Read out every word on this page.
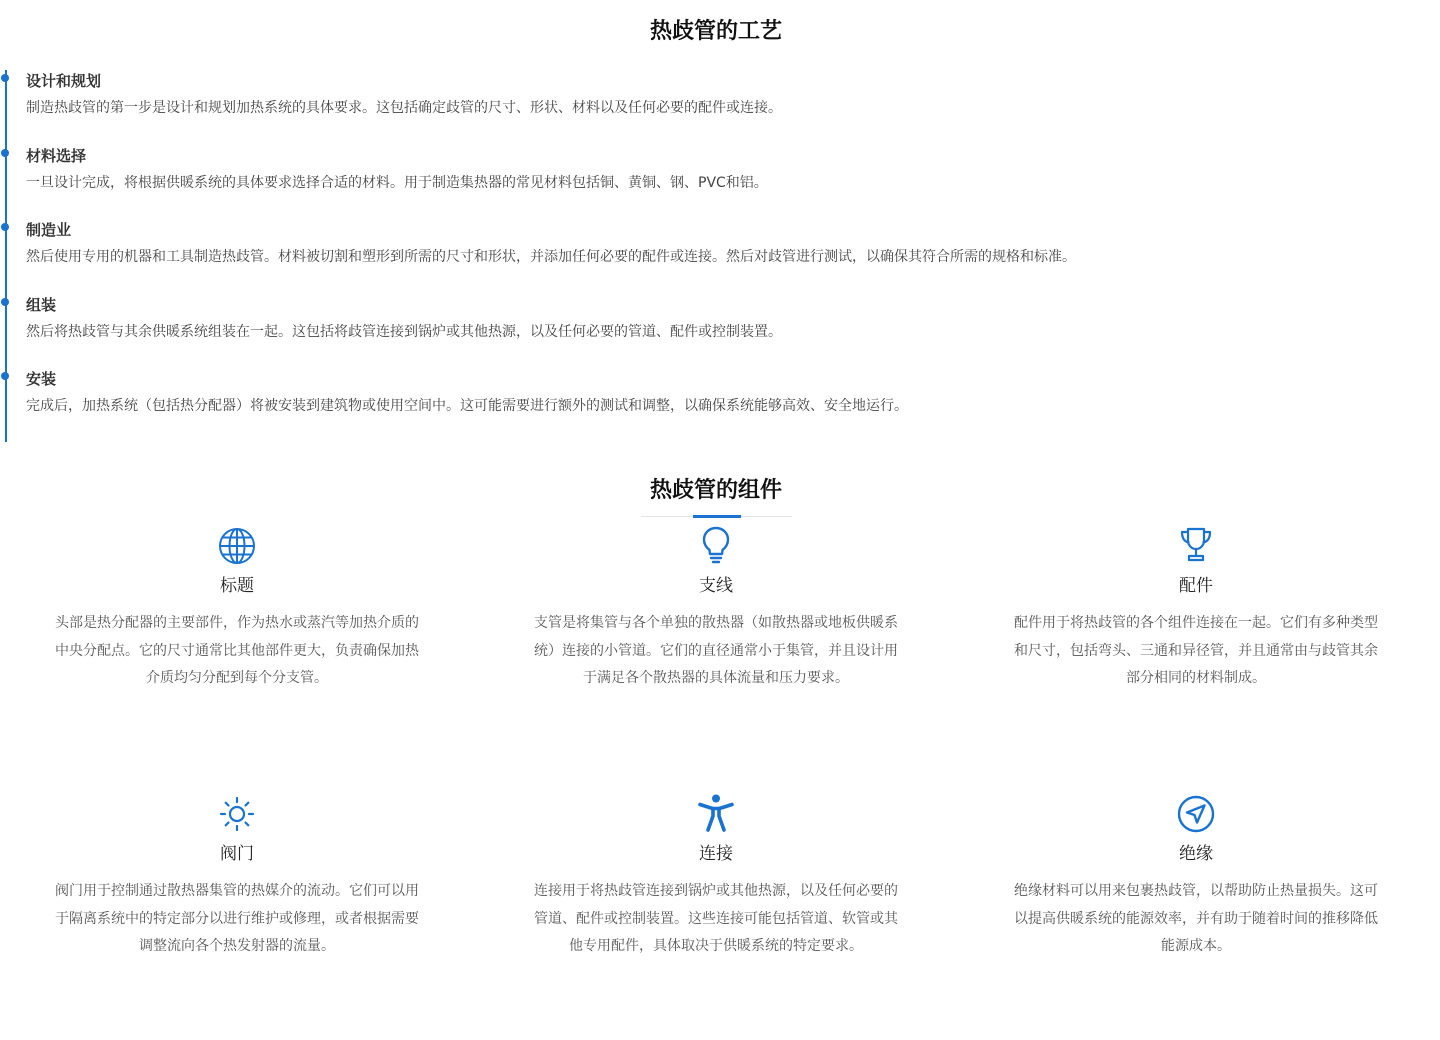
热歧管的工艺
设计和规划

制造热歧管的第一步是设计和规划加热系统的具体要求。这包括确定歧管的尺寸、形状、材料以及任何必要的配件或连接。

材料选择

一旦设计完成，将根据供暖系统的具体要求选择合适的材料。用于制造集热器的常见材料包括铜、黄铜、钢、PVC和铝。

制造业

然后使用专用的机器和工具制造热歧管。材料被切割和塑形到所需的尺寸和形状，并添加任何必要的配件或连接。然后对歧管进行测试，以确保其符合所需的规格和标准。

组装

然后将热歧管与其余供暖系统组装在一起。这包括将歧管连接到锅炉或其他热源，以及任何必要的管道、配件或控制装置。

安装

完成后，加热系统（包括热分配器）将被安装到建筑物或使用空间中。这可能需要进行额外的测试和调整，以确保系统能够高效、安全地运行。

热歧管的组件
标题
头部是热分配器的主要部件，作为热水或蒸汽等加热介质的中央分配点。它的尺寸通常比其他部件更大，负责确保加热介质均匀分配到每个分支管。
支线
支管是将集管与各个单独的散热器（如散热器或地板供暖系统）连接的小管道。它们的直径通常小于集管，并且设计用于满足各个散热器的具体流量和压力要求。
配件
配件用于将热歧管的各个组件连接在一起。它们有多种类型和尺寸，包括弯头、三通和异径管，并且通常由与歧管其余部分相同的材料制成。
阀门
阀门用于控制通过散热器集管的热媒介的流动。它们可以用于隔离系统中的特定部分以进行维护或修理，或者根据需要调整流向各个热发射器的流量。
连接
连接用于将热歧管连接到锅炉或其他热源，以及任何必要的管道、配件或控制装置。这些连接可能包括管道、软管或其他专用配件，具体取决于供暖系统的特定要求。
绝缘
绝缘材料可以用来包裹热歧管，以帮助防止热量损失。这可以提高供暖系统的能源效率，并有助于随着时间的推移降低能源成本。
